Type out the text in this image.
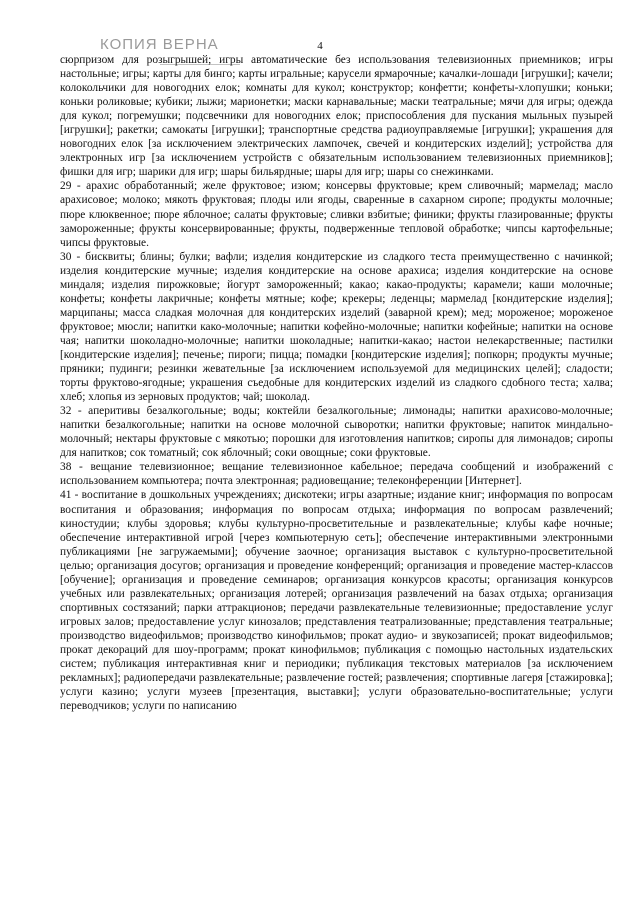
КОПИЯ ВЕРНА	4

сюрпризом для розыгрышей; игры автоматические без использования телевизионных приемников; игры настольные; игры; карты для бинго; карты игральные; карусели ярмарочные; качалки-лошади [игрушки]; качели; колокольчики для новогодних елок; комнаты для кукол; конструктор; конфетти; конфеты-хлопушки; коньки; коньки роликовые; кубики; лыжи; марионетки; маски карнавальные; маски театральные; мячи для игры; одежда для кукол; погремушки; подсвечники для новогодних елок; приспособления для пускания мыльных пузырей [игрушки]; ракетки; самокаты [игрушки]; транспортные средства радиоуправляемые [игрушки]; украшения для новогодних елок [за исключением электрических лампочек, свечей и кондитерских изделий]; устройства для электронных игр [за исключением устройств с обязательным использованием телевизионных приемников]; фишки для игр; шарики для игр; шары бильярдные; шары для игр; шары со снежинками.

29 - арахис обработанный; желе фруктовое; изюм; консервы фруктовые; крем сливочный; мармелад; масло арахисовое; молоко; мякоть фруктовая; плоды или ягоды, сваренные в сахарном сиропе; продукты молочные; пюре клюквенное; пюре яблочное; салаты фруктовые; сливки взбитые; финики; фрукты глазированные; фрукты замороженные; фрукты консервированные; фрукты, подверженные тепловой обработке; чипсы картофельные; чипсы фруктовые.

30 - бисквиты; блины; булки; вафли; изделия кондитерские из сладкого теста преимущественно с начинкой; изделия кондитерские мучные; изделия кондитерские на основе арахиса; изделия кондитерские на основе миндаля; изделия пирожковые; йогурт замороженный; какао; какао-продукты; карамели; каши молочные; конфеты; конфеты лакричные; конфеты мятные; кофе; крекеры; леденцы; мармелад [кондитерские изделия]; марципаны; масса сладкая молочная для кондитерских изделий (заварной крем); мед; мороженое; мороженое фруктовое; мюсли; напитки како-молочные; напитки кофейно-молочные; напитки кофейные; напитки на основе чая; напитки шоколадно-молочные; напитки шоколадные; напитки-какао; настои нелекарственные; пастилки [кондитерские изделия]; печенье; пироги; пицца; помадки [кондитерские изделия]; попкорн; продукты мучные; пряники; пудинги; резинки жевательные [за исключением используемой для медицинских целей]; сладости; торты фруктово-ягодные; украшения съедобные для кондитерских изделий из сладкого сдобного теста; халва; хлеб; хлопья из зерновых продуктов; чай; шоколад.

32 - аперитивы безалкогольные; воды; коктейли безалкогольные; лимонады; напитки арахисово-молочные; напитки безалкогольные; напитки на основе молочной сыворотки; напитки фруктовые; напиток миндально-молочный; нектары фруктовые с мякотью; порошки для изготовления напитков; сиропы для лимонадов; сиропы для напитков; сок томатный; сок яблочный; соки овощные; соки фруктовые.

38 - вещание телевизионное; вещание телевизионное кабельное; передача сообщений и изображений с использованием компьютера; почта электронная; радиовещание; телеконференции [Интернет].

41 - воспитание в дошкольных учреждениях; дискотеки; игры азартные; издание книг; информация по вопросам воспитания и образования; информация по вопросам отдыха; информация по вопросам развлечений; киностудии; клубы здоровья; клубы культурно-просветительные и развлекательные; клубы кафе ночные; обеспечение интерактивной игрой [через компьютерную сеть]; обеспечение интерактивными электронными публикациями [не загружаемыми]; обучение заочное; организация выставок с культурно-просветительной целью; организация досугов; организация и проведение конференций; организация и проведение мастер-классов [обучение]; организация и проведение семинаров; организация конкурсов красоты; организация конкурсов учебных или развлекательных; организация лотерей; организация развлечений на базах отдыха; организация спортивных состязаний; парки аттракционов; передачи развлекательные телевизионные; предоставление услуг игровых залов; предоставление услуг кинозалов; представления театрализованные; представления театральные; производство видеофильмов; производство кинофильмов; прокат аудио- и звукозаписей; прокат видеофильмов; прокат декораций для шоу-программ; прокат кинофильмов; публикация с помощью настольных издательских систем; публикация интерактивная книг и периодики; публикация текстовых материалов [за исключением рекламных]; радиопередачи развлекательные; развлечение гостей; развлечения; спортивные лагеря [стажировка]; услуги казино; услуги музеев [презентация, выставки]; услуги образовательно-воспитательные; услуги переводчиков; услуги по написанию
